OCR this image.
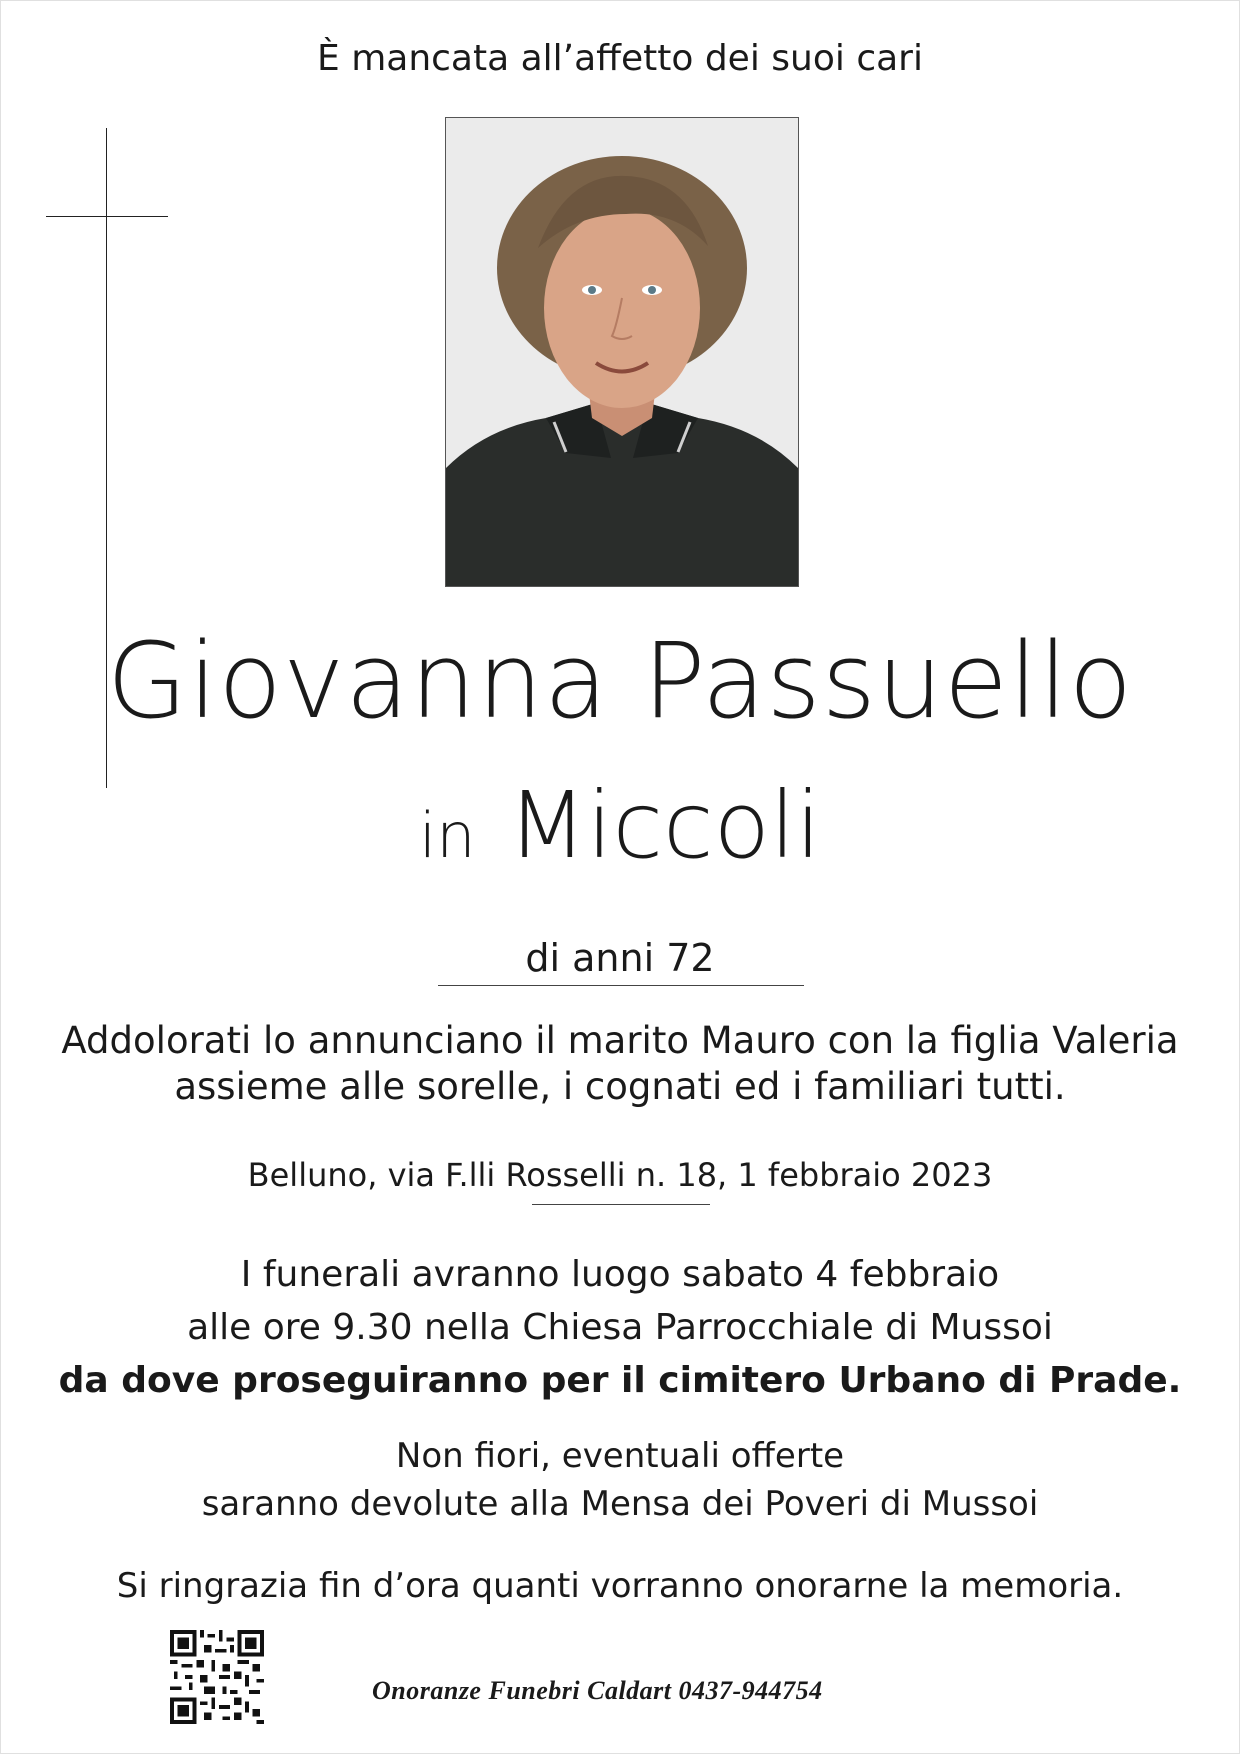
È mancata all’affetto dei suoi cari
Giovanna Passuello
in Miccoli
di anni 72
Addolorati lo annunciano il marito Mauro con la figlia Valeria
assieme alle sorelle, i cognati ed i familiari tutti.
Belluno, via F.lli Rosselli n. 18, 1 febbraio 2023
I funerali avranno luogo sabato 4 febbraio
alle ore 9.30 nella Chiesa Parrocchiale di Mussoi
da dove proseguiranno per il cimitero Urbano di Prade.
Non fiori, eventuali offerte
saranno devolute alla Mensa dei Poveri di Mussoi
Si ringrazia fin d’ora quanti vorranno onorarne la memoria.
Onoranze Funebri Caldart 0437-944754
